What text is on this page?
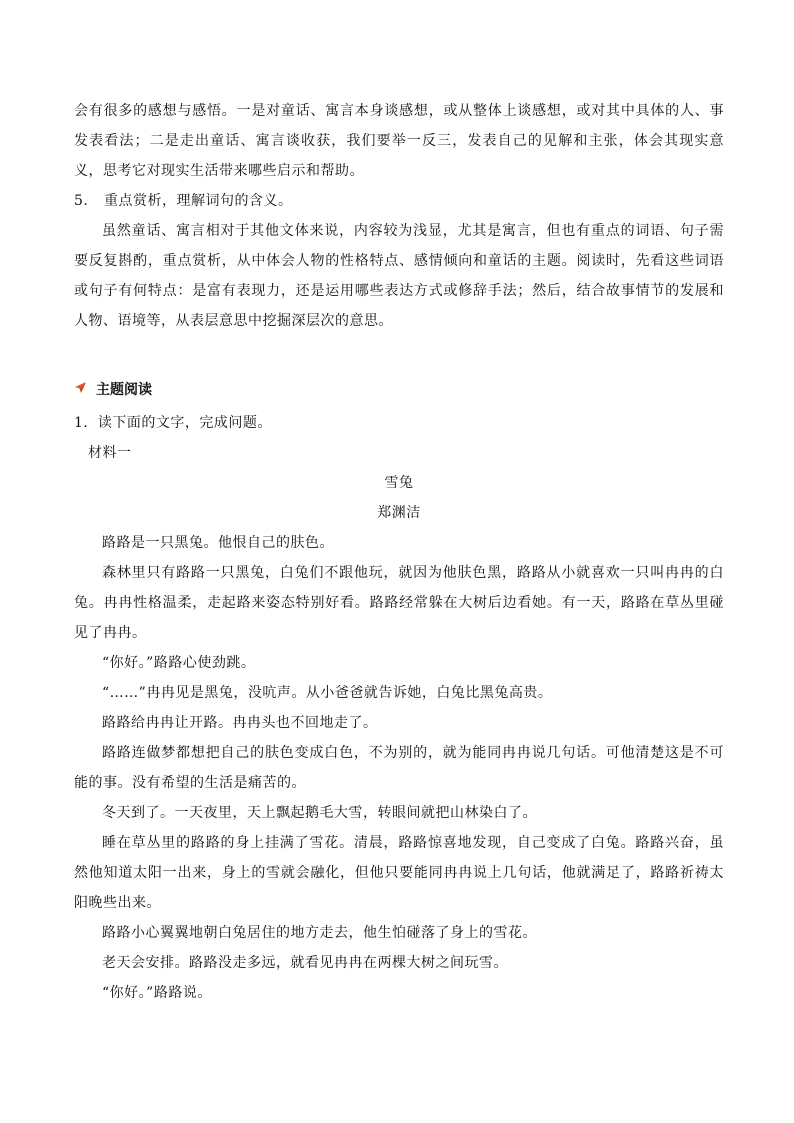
会有很多的感想与感悟。一是对童话、寓言本身谈感想，或从整体上谈感想，或对其中具体的人、事发表看法；二是走出童话、寓言谈收获，我们要举一反三，发表自己的见解和主张，体会其现实意义，思考它对现实生活带来哪些启示和帮助。

5. 重点赏析，理解词句的含义。

虽然童话、寓言相对于其他文体来说，内容较为浅显，尤其是寓言，但也有重点的词语、句子需要反复斟酌，重点赏析，从中体会人物的性格特点、感情倾向和童话的主题。阅读时，先看这些词语或句子有何特点：是富有表现力，还是运用哪些表达方式或修辞手法；然后，结合故事情节的发展和人物、语境等，从表层意思中挖掘深层次的意思。

主题阅读

1．读下面的文字，完成问题。

材料一

雪兔

郑渊洁

路路是一只黑兔。他恨自己的肤色。

森林里只有路路一只黑兔，白兔们不跟他玩，就因为他肤色黑，路路从小就喜欢一只叫冉冉的白兔。冉冉性格温柔，走起路来姿态特别好看。路路经常躲在大树后边看她。有一天，路路在草丛里碰见了冉冉。

“你好。”路路心使劲跳。

“……”冉冉见是黑兔，没吭声。从小爸爸就告诉她，白兔比黑兔高贵。

路路给冉冉让开路。冉冉头也不回地走了。

路路连做梦都想把自己的肤色变成白色，不为别的，就为能同冉冉说几句话。可他清楚这是不可能的事。没有希望的生活是痛苦的。

冬天到了。一天夜里，天上飘起鹅毛大雪，转眼间就把山林染白了。

睡在草丛里的路路的身上挂满了雪花。清晨，路路惊喜地发现，自己变成了白兔。路路兴奋，虽然他知道太阳一出来，身上的雪就会融化，但他只要能同冉冉说上几句话，他就满足了，路路祈祷太阳晚些出来。

路路小心翼翼地朝白兔居住的地方走去，他生怕碰落了身上的雪花。

老天会安排。路路没走多远，就看见冉冉在两棵大树之间玩雪。

“你好。”路路说。
